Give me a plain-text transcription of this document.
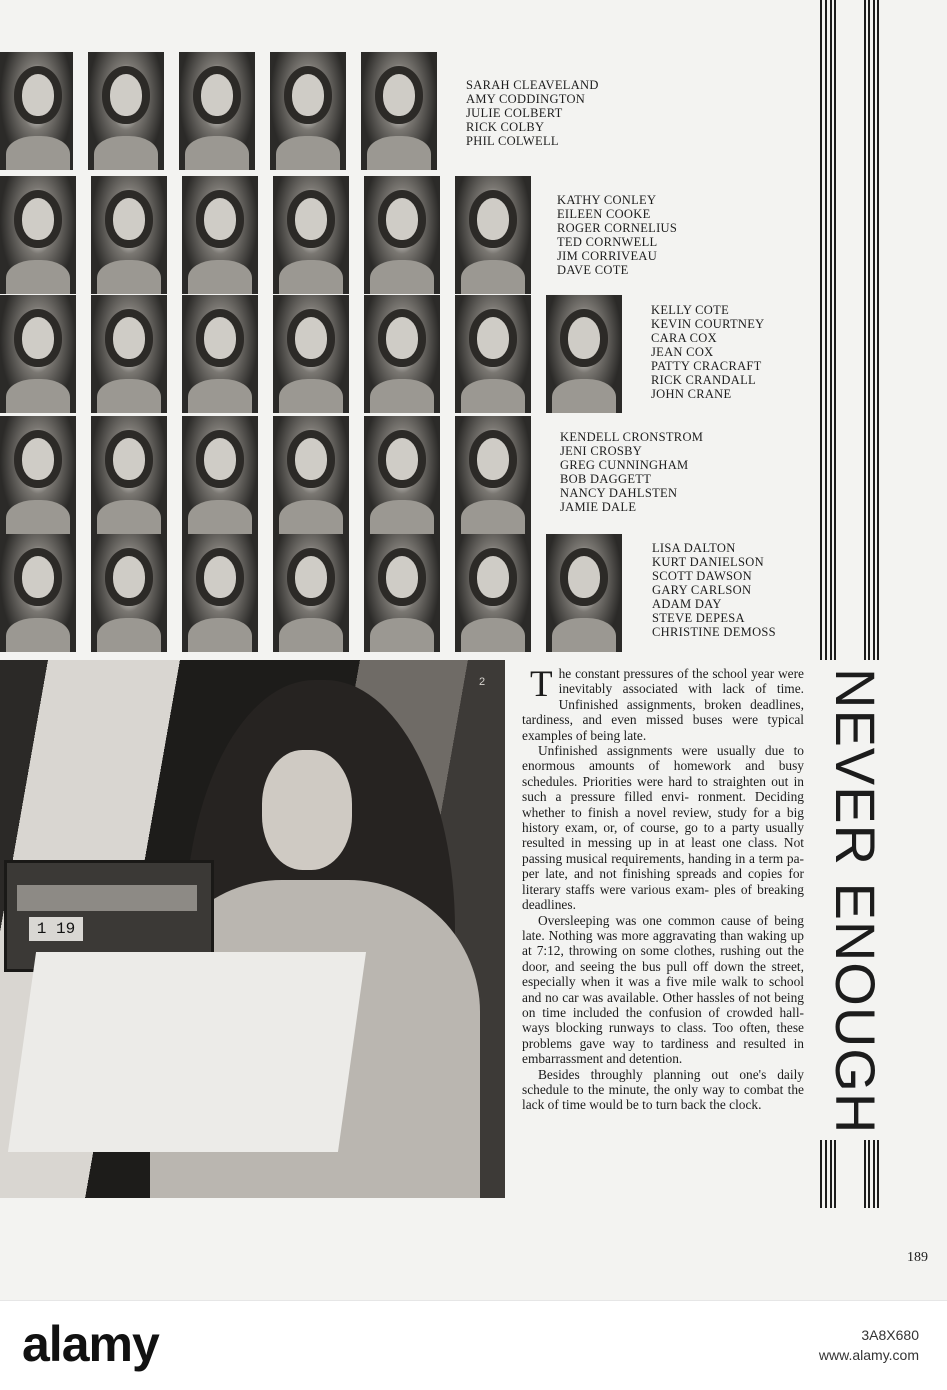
SARAH CLEAVELAND
AMY CODDINGTON
JULIE COLBERT
RICK COLBY
PHIL COLWELL
KATHY CONLEY
EILEEN COOKE
ROGER CORNELIUS
TED CORNWELL
JIM CORRIVEAU
DAVE COTE
KELLY COTE
KEVIN COURTNEY
CARA COX
JEAN COX
PATTY CRACRAFT
RICK CRANDALL
JOHN CRANE
KENDELL CRONSTROM
JENI CROSBY
GREG CUNNINGHAM
BOB DAGGETT
NANCY DAHLSTEN
JAMIE DALE
LISA DALTON
KURT DANIELSON
SCOTT DAWSON
GARY CARLSON
ADAM DAY
STEVE DEPESA
CHRISTINE DEMOSS
1 19
2 The constant pressures of the school year were inevitably associated with lack of time. Unfinished assignments, broken deadlines, tardiness, and even missed buses were typical examples of being late.

Unfinished assignments were usually due to enormous amounts of homework and busy schedules. Priorities were hard to straighten out in such a pressure filled envi- ronment. Deciding whether to finish a novel review, study for a big history exam, or, of course, go to a party usually resulted in messing up in at least one class. Not passing musical requirements, handing in a term pa- per late, and not finishing spreads and copies for literary staffs were various exam- ples of breaking deadlines.

Oversleeping was one common cause of being late. Nothing was more aggravating than waking up at 7:12, throwing on some clothes, rushing out the door, and seeing the bus pull off down the street, especially when it was a five mile walk to school and no car was available. Other hassles of not being on time included the confusion of crowded hall- ways blocking runways to class. Too often, these problems gave way to tardiness and resulted in embarrassment and detention.

Besides throughly planning out one's daily schedule to the minute, the only way to combat the lack of time would be to turn back the clock.	NEVER ENOUGH
189
alamy	3A8X680
www.alamy.com
